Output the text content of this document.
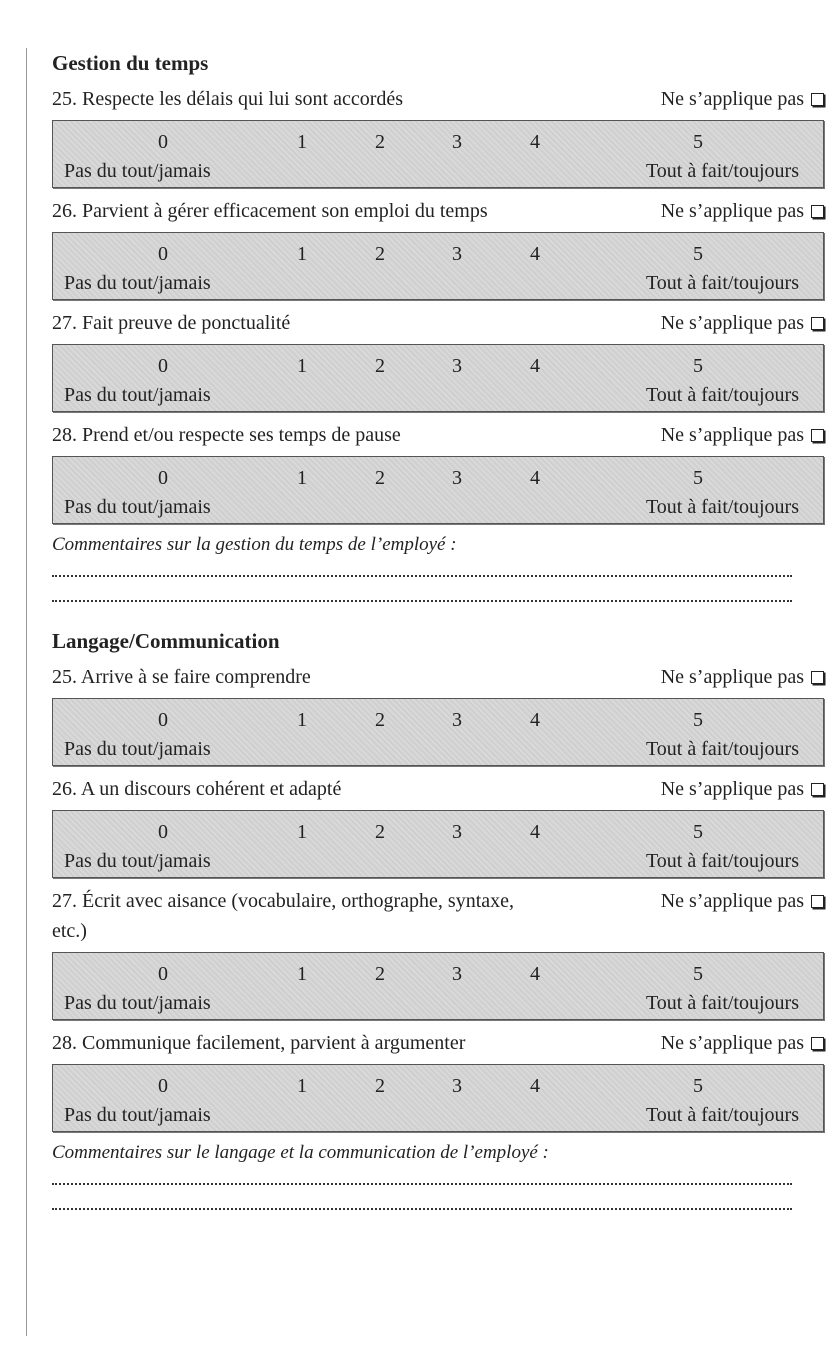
Gestion du temps
25. Respecte les délais qui lui sont accordés	Ne s’applique pas
0	1	2	3	4	5
Pas du tout/jamais	Tout à fait/toujours
26. Parvient à gérer efficacement son emploi du temps	Ne s’applique pas
0	1	2	3	4	5
Pas du tout/jamais	Tout à fait/toujours
27. Fait preuve de ponctualité	Ne s’applique pas
0	1	2	3	4	5
Pas du tout/jamais	Tout à fait/toujours
28. Prend et/ou respecte ses temps de pause	Ne s’applique pas
0	1	2	3	4	5
Pas du tout/jamais	Tout à fait/toujours
Commentaires sur la gestion du temps de l’employé :
Langage/Communication
25. Arrive à se faire comprendre	Ne s’applique pas
0	1	2	3	4	5
Pas du tout/jamais	Tout à fait/toujours
26. A un discours cohérent et adapté	Ne s’applique pas
0	1	2	3	4	5
Pas du tout/jamais	Tout à fait/toujours
27. Écrit avec aisance (vocabulaire, orthographe, syntaxe, etc.)
Ne s’applique pas
0	1	2	3	4	5
Pas du tout/jamais	Tout à fait/toujours
28. Communique facilement, parvient à argumenter	Ne s’applique pas
0	1	2	3	4	5
Pas du tout/jamais	Tout à fait/toujours
Commentaires sur le langage et la communication de l’employé :
